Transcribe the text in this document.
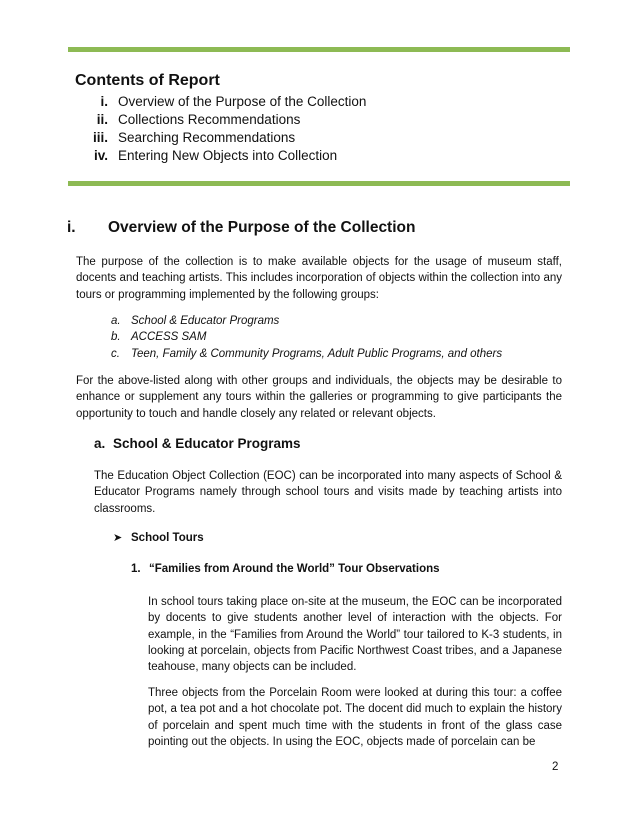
Contents of Report
i. Overview of the Purpose of the Collection
ii. Collections Recommendations
iii. Searching Recommendations
iv. Entering New Objects into Collection
i.	Overview of the Purpose of the Collection

The purpose of the collection is to make available objects for the usage of museum staff, docents and teaching artists. This includes incorporation of objects within the collection into any tours or programming implemented by the following groups:

a. School & Educator Programs
b. ACCESS SAM
c. Teen, Family & Community Programs, Adult Public Programs, and others

For the above-listed along with other groups and individuals, the objects may be desirable to enhance or supplement any tours within the galleries or programming to give participants the opportunity to touch and handle closely any related or relevant objects.

a. School & Educator Programs

The Education Object Collection (EOC) can be incorporated into many aspects of School & Educator Programs namely through school tours and visits made by teaching artists into classrooms.

➤ School Tours
1. “Families from Around the World” Tour Observations

In school tours taking place on-site at the museum, the EOC can be incorporated by docents to give students another level of interaction with the objects. For example, in the “Families from Around the World” tour tailored to K-3 students, in looking at porcelain, objects from Pacific Northwest Coast tribes, and a Japanese teahouse, many objects can be included.

Three objects from the Porcelain Room were looked at during this tour: a coffee pot, a tea pot and a hot chocolate pot. The docent did much to explain the history of porcelain and spent much time with the students in front of the glass case pointing out the objects. In using the EOC, objects made of porcelain can be

2
